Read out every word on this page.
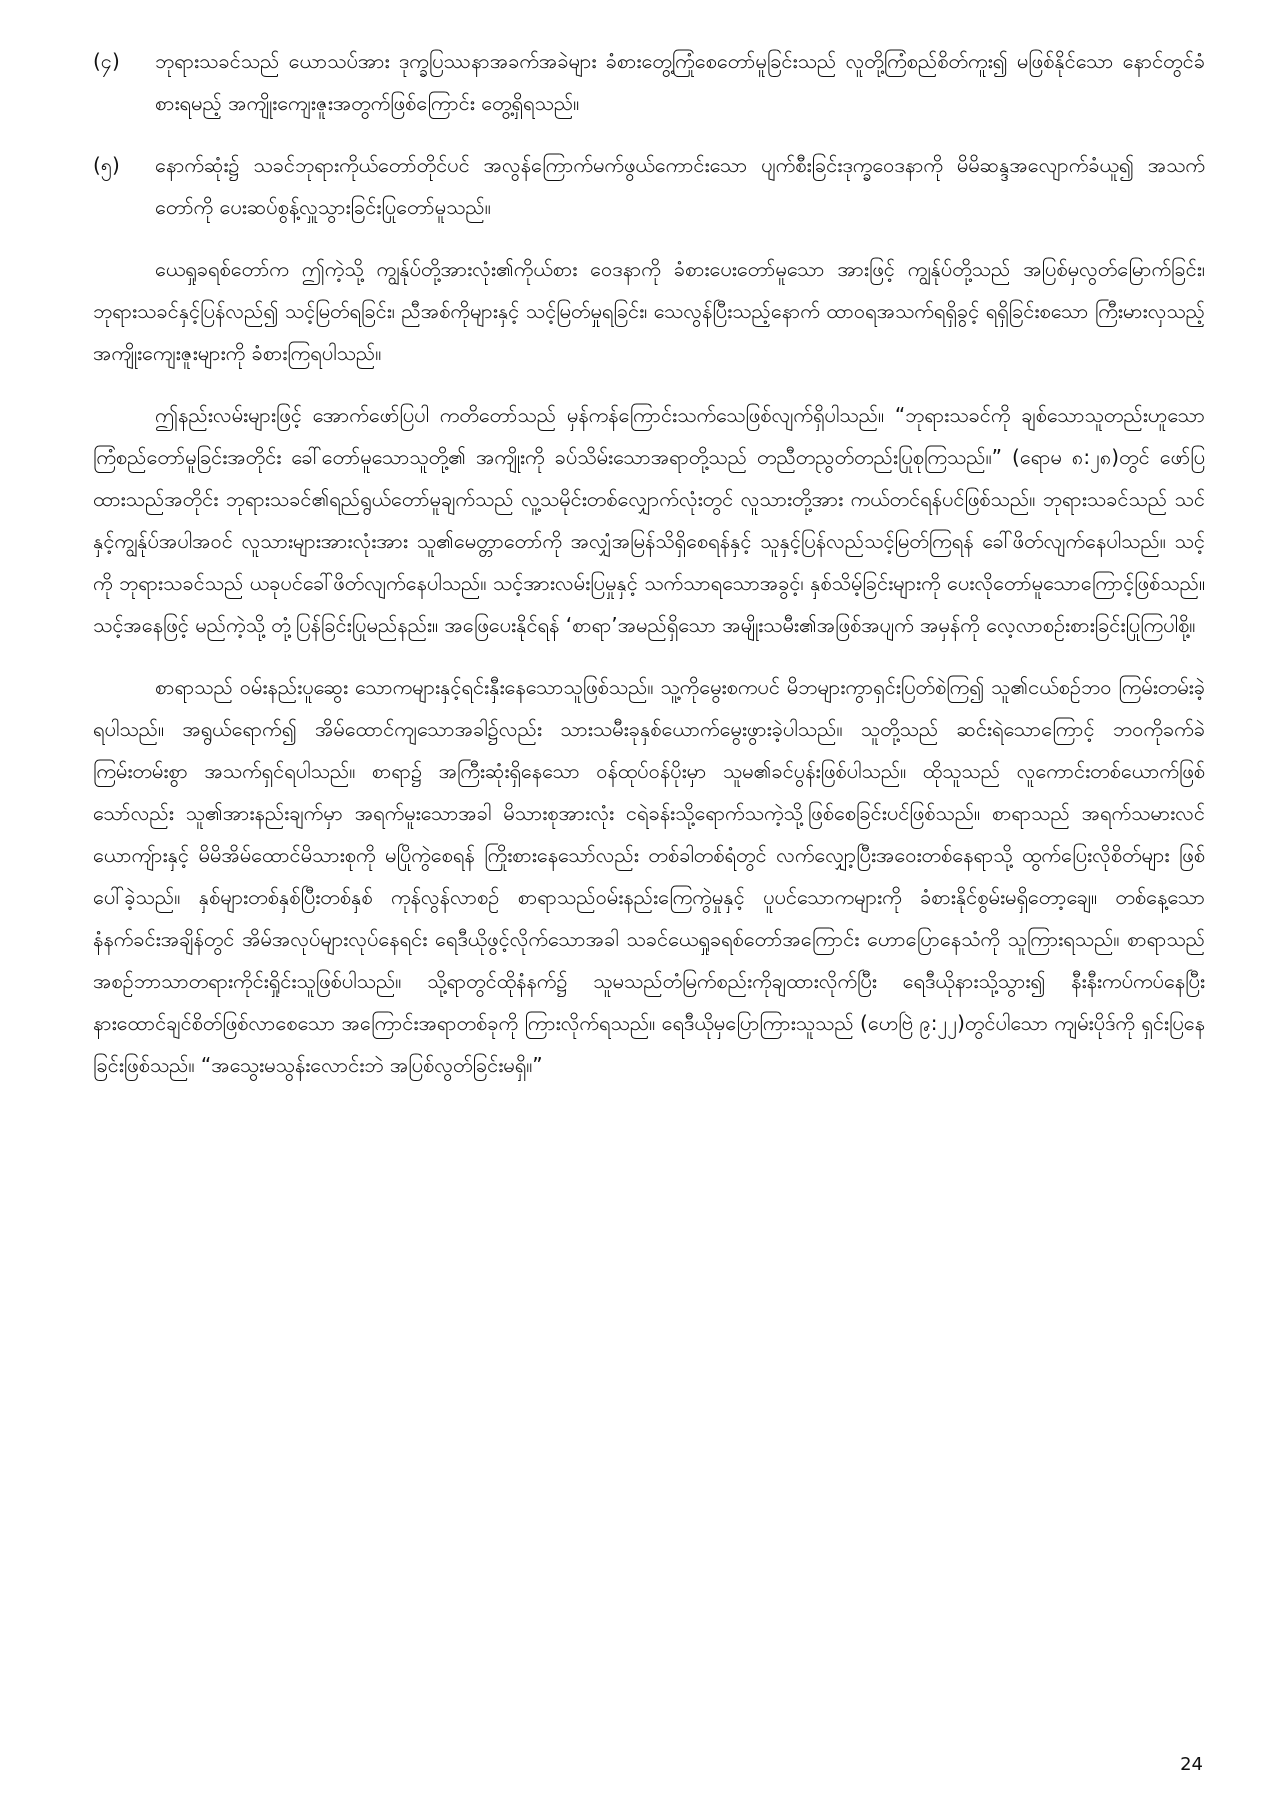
(၄)	ဘုရားသခင်သည် ယောသပ်အား ဒုက္ခပြဿနာအခက်အခဲများ ခံစားတွေ့ကြုံစေတော်မူခြင်းသည် လူတို့ကြံစည်စိတ်ကူး၍ မဖြစ်နိုင်သော နောင်တွင်ခံစားရမည့် အကျိုးကျေးဇူးအတွက်ဖြစ်ကြောင်း တွေ့ရှိရသည်။
(၅)	နောက်ဆုံး၌ သခင်ဘုရားကိုယ်တော်တိုင်ပင် အလွန်ကြောက်မက်ဖွယ်ကောင်းသော ပျက်စီးခြင်းဒုက္ခဝေဒနာကို မိမိဆန္ဒအလျောက်ခံယူ၍ အသက်တော်ကို ပေးဆပ်စွန့်လှူသွားခြင်းပြုတော်မူသည်။

ယေရှုခရစ်တော်က ဤကဲ့သို့ ကျွန်ုပ်တို့အားလုံး၏ကိုယ်စား ဝေဒနာကို ခံစားပေးတော်မူသော အားဖြင့် ကျွန်ုပ်တို့သည် အပြစ်မှလွတ်မြောက်ခြင်း၊ ဘုရားသခင်နှင့်ပြန်လည်၍ သင့်မြတ်ရခြင်း၊ ညီအစ်ကိုများနှင့် သင့်မြတ်မှုရခြင်း၊ သေလွန်ပြီးသည့်နောက် ထာဝရအသက်ရရှိခွင့် ရရှိခြင်းစသော ကြီးမားလှသည့် အကျိုးကျေးဇူးများကို ခံစားကြရပါသည်။

ဤနည်းလမ်းများဖြင့် အောက်ဖော်ပြပါ ကတိတော်သည် မှန်ကန်ကြောင်းသက်သေဖြစ်လျက်ရှိပါသည်။ “ဘုရားသခင်ကို ချစ်သောသူတည်းဟူသော ကြံစည်တော်မူခြင်းအတိုင်း ခေါ်တော်မူသောသူတို့၏ အကျိုးကို ခပ်သိမ်းသောအရာတို့သည် တညီတညွတ်တည်းပြုစုကြသည်။” (ရောမ ၈:၂၈)တွင် ဖော်ပြထားသည်အတိုင်း ဘုရားသခင်၏ရည်ရွယ်တော်မူချက်သည် လူ့သမိုင်းတစ်လျှောက်လုံးတွင် လူသားတို့အား ကယ်တင်ရန်ပင်ဖြစ်သည်။ ဘုရားသခင်သည် သင်နှင့်ကျွန်ုပ်အပါအဝင် လူသားများအားလုံးအား သူ၏မေတ္တာတော်ကို အလျှံအမြန်သိရှိစေရန်နှင့် သူနှင့်ပြန်လည်သင့်မြတ်ကြရန် ခေါ်ဖိတ်လျက်နေပါသည်။ သင့်ကို ဘုရားသခင်သည် ယခုပင်ခေါ်ဖိတ်လျက်နေပါသည်။ သင့်အားလမ်းပြမှုနှင့် သက်သာရသောအခွင့်၊ နှစ်သိမ့်ခြင်းများကို ပေးလိုတော်မူသောကြောင့်ဖြစ်သည်။ သင့်အနေဖြင့် မည်ကဲ့သို့ တုံ့ပြန်ခြင်းပြုမည်နည်း။ အဖြေပေးနိုင်ရန် ‘စာရာ’အမည်ရှိသော အမျိုးသမီး၏အဖြစ်အပျက် အမှန်ကို လေ့လာစဉ်းစားခြင်းပြုကြပါစို့။

စာရာသည် ဝမ်းနည်းပူဆွေး သောကများနှင့်ရင်းနှီးနေသောသူဖြစ်သည်။ သူ့ကိုမွေးစကပင် မိဘများကွာရှင်းပြတ်စဲကြ၍ သူ၏ငယ်စဉ်ဘဝ ကြမ်းတမ်းခဲ့ရပါသည်။ အရွယ်ရောက်၍ အိမ်ထောင်ကျသောအခါ၌လည်း သားသမီးခုနှစ်ယောက်မွေးဖွားခဲ့ပါသည်။ သူတို့သည် ဆင်းရဲသောကြောင့် ဘဝကိုခက်ခဲကြမ်းတမ်းစွာ အသက်ရှင်ရပါသည်။ စာရာ၌ အကြီးဆုံးရှိနေသော ဝန်ထုပ်ဝန်ပိုးမှာ သူမ၏ခင်ပွန်းဖြစ်ပါသည်။ ထိုသူသည် လူကောင်းတစ်ယောက်ဖြစ်သော်လည်း သူ၏အားနည်းချက်မှာ အရက်မူးသောအခါ မိသားစုအားလုံး ငရဲခန်းသို့ရောက်သကဲ့သို့ဖြစ်စေခြင်းပင်ဖြစ်သည်။ စာရာသည် အရက်သမားလင်ယောကျ်ားနှင့် မိမိအိမ်ထောင်မိသားစုကို မပြိုကွဲစေရန် ကြိုးစားနေသော်လည်း တစ်ခါတစ်ရံတွင် လက်လျှော့ပြီးအဝေးတစ်နေရာသို့ ထွက်ပြေးလိုစိတ်များ ဖြစ်ပေါ်ခဲ့သည်။ နှစ်များတစ်နှစ်ပြီးတစ်နှစ် ကုန်လွန်လာစဉ် စာရာသည်ဝမ်းနည်းကြေကွဲမှုနှင့် ပူပင်သောကများကို ခံစားနိုင်စွမ်းမရှိတော့ချေ။ တစ်နေ့သော နံနက်ခင်းအချိန်တွင် အိမ်အလုပ်များလုပ်နေရင်း ရေဒီယိုဖွင့်လိုက်သောအခါ သခင်ယေရှုခရစ်တော်အကြောင်း ဟောပြောနေသံကို သူကြားရသည်။ စာရာသည် အစဉ်ဘာသာတရားကိုင်းရှိုင်းသူဖြစ်ပါသည်။ သို့ရာတွင်ထိုနံနက်၌ သူမသည်တံမြက်စည်းကိုချထားလိုက်ပြီး ရေဒီယိုနားသို့သွား၍ နီးနီးကပ်ကပ်နေပြီး နားထောင်ချင်စိတ်ဖြစ်လာစေသော အကြောင်းအရာတစ်ခုကို ကြားလိုက်ရသည်။ ရေဒီယိုမှပြောကြားသူသည် (ဟေဗြဲ ၉:၂၂)တွင်ပါသော ကျမ်းပိုဒ်ကို ရှင်းပြနေခြင်းဖြစ်သည်။ “အသွေးမသွန်းလောင်းဘဲ အပြစ်လွတ်ခြင်းမရှိ။”

24
